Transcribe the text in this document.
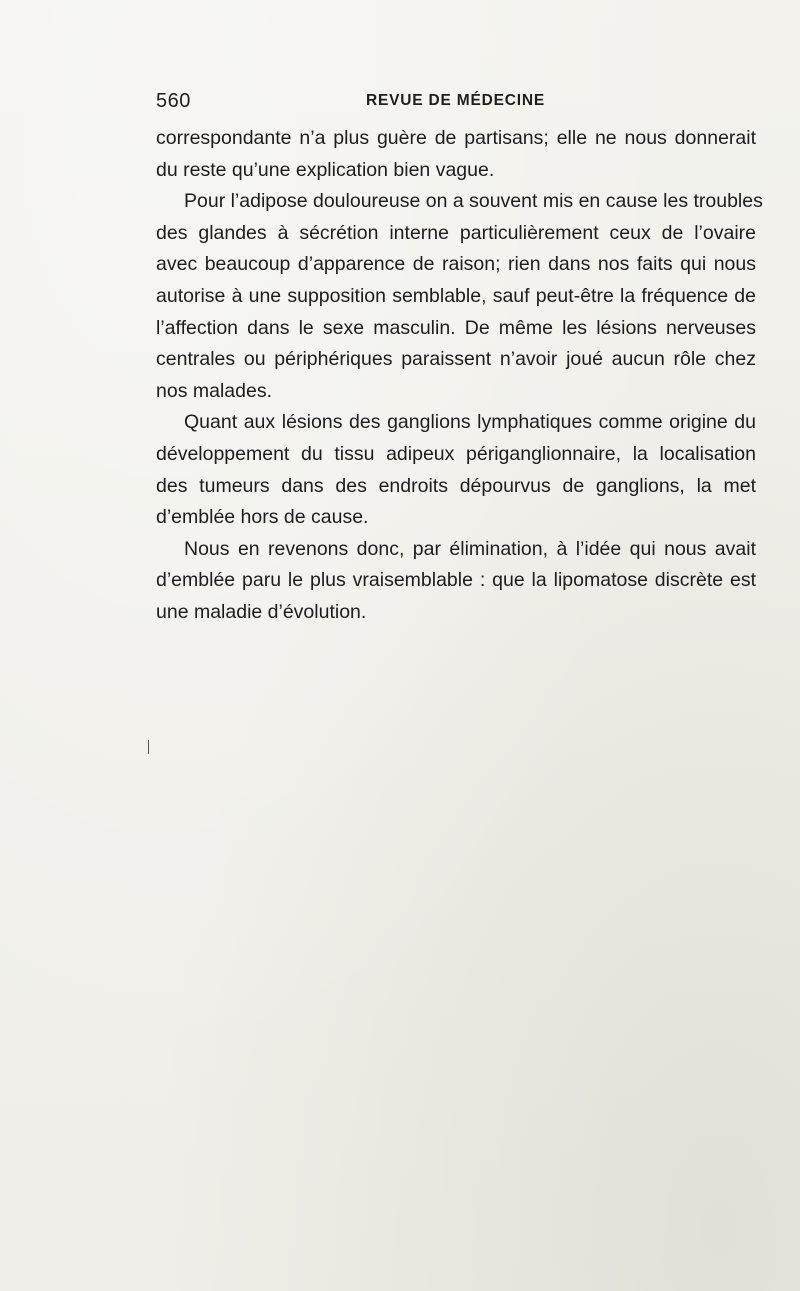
560	REVUE DE MÉDECINE
correspondante n’a plus guère de partisans; elle ne nous donnerait
du reste qu’une explication bien vague.
Pour l’adipose douloureuse on a souvent mis en cause les troubles
des glandes à sécrétion interne particulièrement ceux de l’ovaire
avec beaucoup d’apparence de raison; rien dans nos faits qui nous
autorise à une supposition semblable, sauf peut-être la fréquence de
l’affection dans le sexe masculin. De même les lésions nerveuses
centrales ou périphériques paraissent n’avoir joué aucun rôle chez
nos malades.
Quant aux lésions des ganglions lymphatiques comme origine du
développement du tissu adipeux périganglionnaire, la localisation
des tumeurs dans des endroits dépourvus de ganglions, la met
d’emblée hors de cause.
Nous en revenons donc, par élimination, à l’idée qui nous avait
d’emblée paru le plus vraisemblable : que la lipomatose discrète est
une maladie d’évolution.
